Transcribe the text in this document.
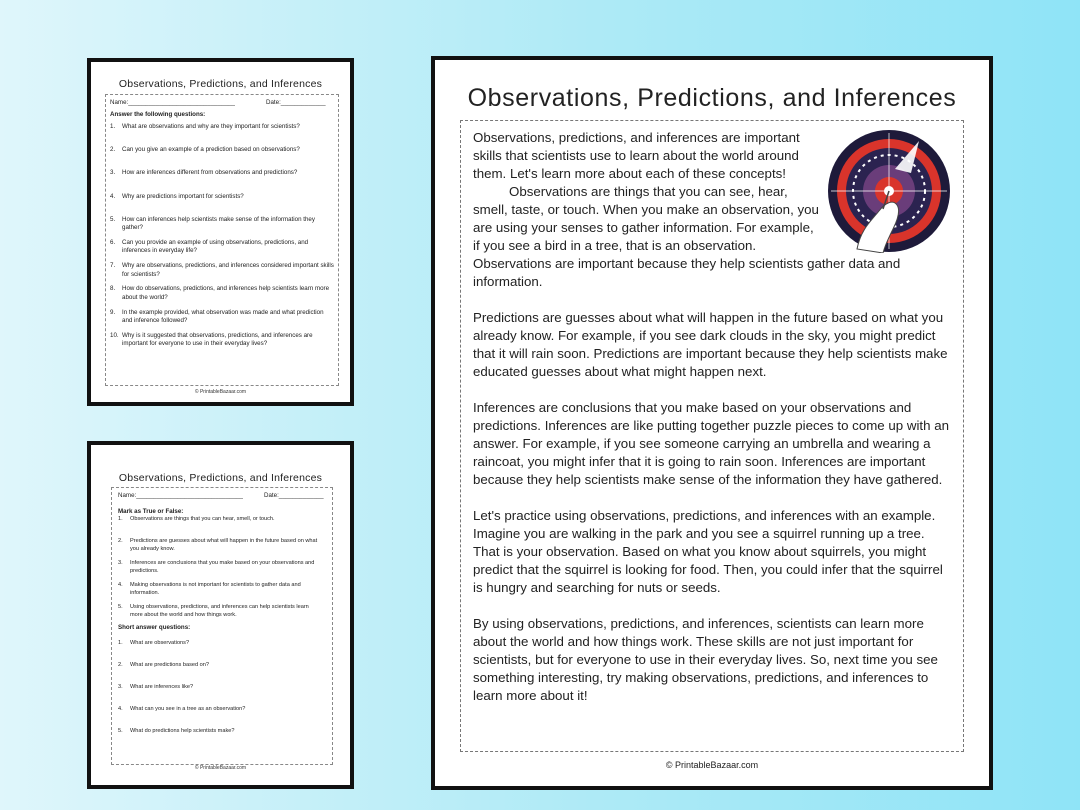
Observations, Predictions, and Inferences
Name:_______________________________	Date:_____________
Answer the following questions:
1. What are observations and why are they important for scientists?
2. Can you give an example of a prediction based on observations?
3. How are inferences different from observations and predictions?
4. Why are predictions important for scientists?
5. How can inferences help scientists make sense of the information they gather?
6. Can you provide an example of using observations, predictions, and inferences in everyday life?
7. Why are observations, predictions, and inferences considered important skills for scientists?
8. How do observations, predictions, and inferences help scientists learn more about the world?
9. In the example provided, what observation was made and what prediction and inference followed?
10. Why is it suggested that observations, predictions, and inferences are important for everyone to use in their everyday lives?
© PrintableBazaar.com
Observations, Predictions, and Inferences
Name:_______________________________	Date:_____________
Mark as True or False:
Short answer questions:
1. Observations are things that you can hear, smell, or touch.
2. Predictions are guesses about what will happen in the future based on what you already know.
3. Inferences are conclusions that you make based on your observations and predictions.
4. Making observations is not important for scientists to gather data and information.
5. Using observations, predictions, and inferences can help scientists learn more about the world and how things work.
1. What are observations?
2. What are predictions based on?
3. What are inferences like?
4. What can you see in a tree as an observation?
5. What do predictions help scientists make?
© PrintableBazaar.com
Observations, Predictions, and Inferences

Observations, predictions, and inferences are important skills that scientists use to learn about the world around them. Let's learn more about each of these concepts!

Observations are things that you can see, hear, smell, taste, or touch. When you make an observation, you are using your senses to gather information. For example, if you see a bird in a tree, that is an observation. Observations are important because they help scientists gather data and information.

Predictions are guesses about what will happen in the future based on what you already know. For example, if you see dark clouds in the sky, you might predict that it will rain soon. Predictions are important because they help scientists make educated guesses about what might happen next.

Inferences are conclusions that you make based on your observations and predictions. Inferences are like putting together puzzle pieces to come up with an answer. For example, if you see someone carrying an umbrella and wearing a raincoat, you might infer that it is going to rain soon. Inferences are important because they help scientists make sense of the information they have gathered.

Let's practice using observations, predictions, and inferences with an example. Imagine you are walking in the park and you see a squirrel running up a tree. That is your observation. Based on what you know about squirrels, you might predict that the squirrel is looking for food. Then, you could infer that the squirrel is hungry and searching for nuts or seeds.

By using observations, predictions, and inferences, scientists can learn more about the world and how things work. These skills are not just important for scientists, but for everyone to use in their everyday lives. So, next time you see something interesting, try making observations, predictions, and inferences to learn more about it!

© PrintableBazaar.com
